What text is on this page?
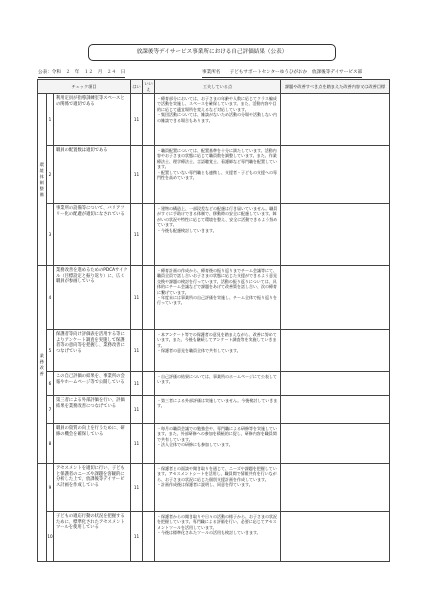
放課後等デイサービス事業所における自己評価結果（公表）
公表：令和　２　年　１２　月　２４　日	事業所名　　子どもサポートセンターゆうひがおか　放課後等デイサービス部
チェック項目			はい	いいえ	工夫している点	課題や改善すべき点を踏まえた改善内容又は改善目標
環境・体制整備	1	利用定員が指導訓練室等スペースとの関係で適切である	11		・療育部分においては、お子さまの年齢や人数に応じてクラス編成で活動を実施し、スペースを確保しています。また、活動内容や目的に応じて適宜場所を変えるなど対応しています。
・集団活動については、雑談がないため活動の分場や活動しない内の雑談できる場合もあります。	

	2	職員の配置数は適切である	11		・職員配置については、配置基準を十分に満たしています。活動内容やお子さまの状態に応じて職員数を調整しています。また、作業療法士、理学療法士、言語聴覚士、看護師など専門職を配置しています。
・配置していない専門職とも連携し、支援者・子どもの支援への専門性を高めています。	

	3	事業所の設備等について、バリアフリー化の配慮が適切になされている	11		・建物の構造上、一部段差などの配慮は行き届いていません。職員がすぐに手助けできる体制で、移動時の安全に配慮しています。障がいの状況や特性に応じて環境を整え、安全に活動できるよう努めています。
・今後も配慮検討していきます。	

業務改善	4	業務改善を進めるためのPDCAサイクル（目標設定と振り返り）に、広く職員が参画している	11		・療育計画の作成から、療育後の振り返りまでチーム会議等にて、職員全員で話し合いお子さまの状態に応じた支援ができるよう意見交換や課題の検討を行っています。活動の振り返りについては、具体的にチーム会議などで課題をあげて改善策を話し合い、次の療育に繋げています。
・年度末には事業所の自己評価を実施し、チーム全体で振り返りを行っています。	

	5	保護者等向け評価表を活用する等によりアンケート調査を実施して保護者等の意向等を把握し、業務改善につなげている	11		・本アンケート等での保護者の意見を踏まえながら、改善に努めています。また、今後も継続してアンケート調査等を実施していきます。
・保護者の意見を職員全体で共有しています。	

	6	この自己評価の結果を、事業所の会報やホームページ等で公開している	11		・自己評価の結果については、事業所のホームページにて公表しています。	

	7	第三者による外部評価を行い、評価結果を業務改善につなげている	11		・第三者による外部評価は実施していません。今後検討していきます。	

	8	職員の資質の向上を行うために、研修の機会を確保している	11		・毎月の職員会議での勉強会や、専門職による研修等を実施しています。また、外部研修への参加を積極的に促し、研修内容を職員間で共有しています。
・法人全体での研修にも参加しています。	

	9	アセスメントを適切に行い、子どもと保護者のニーズや課題を客観的に分析した上で、放課後等デイサービス計画を作成している	11		・保護者との面談や聞き取りを通じて、ニーズや課題を把握しています。アセスメントシートを活用し、職員間で情報共有を行いながら、お子さまの状況に応じた個別支援計画を作成しています。
・計画作成後は保護者に説明し、同意を得ています。	

	10	子どもの適応行動の状況を把握するために、標準化されたアセスメントツールを使用している	11		・保護者からの聞き取りや日々の活動の様子から、お子さまの状況を把握しています。専門職による評価を行い、必要に応じてアセスメントツールを活用しています。
・今後は標準化されたツールの活用も検討していきます。	
